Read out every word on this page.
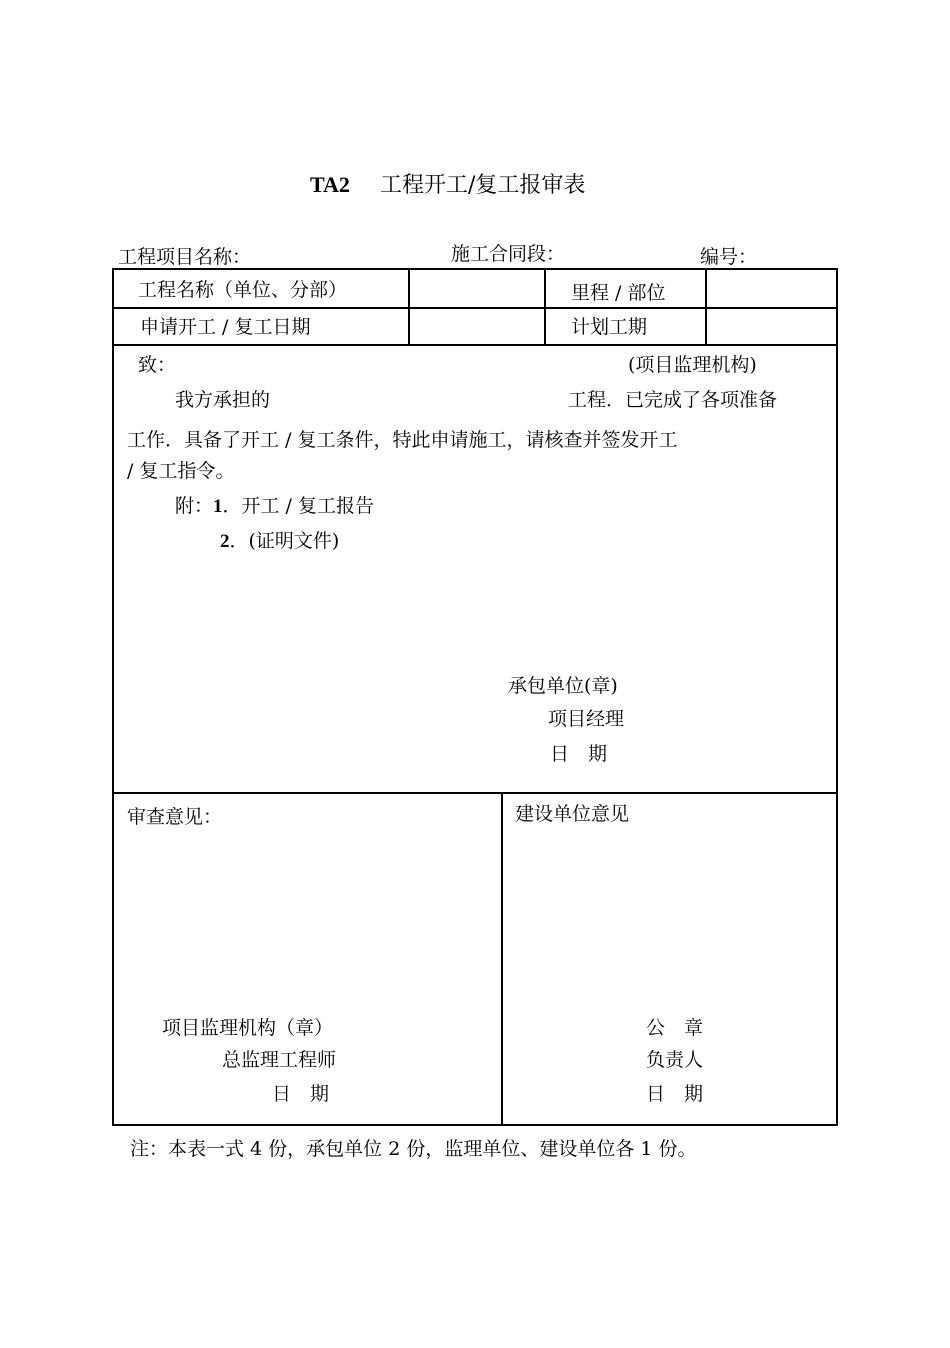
TA2 工程开工/复工报审表
工程项目名称：	施工合同段：	编号：
工程名称（单位、分部）	里程 / 部位
申请开工 / 复工日期	计划工期
致：	(项目监理机构)
我方承担的	工程．已完成了各项准备
工作．具备了开工 / 复工条件，特此申请施工，请核查并签发开工
/ 复工指令。
附：1．开工 / 复工报告
2．(证明文件)
承包单位(章)
项目经理
日　期
审查意见：	建设单位意见
项目监理机构（章）
总监理工程师
日　期
公　章
负责人
日　期
注：本表一式 4 份，承包单位 2 份，监理单位、建设单位各 1 份。
